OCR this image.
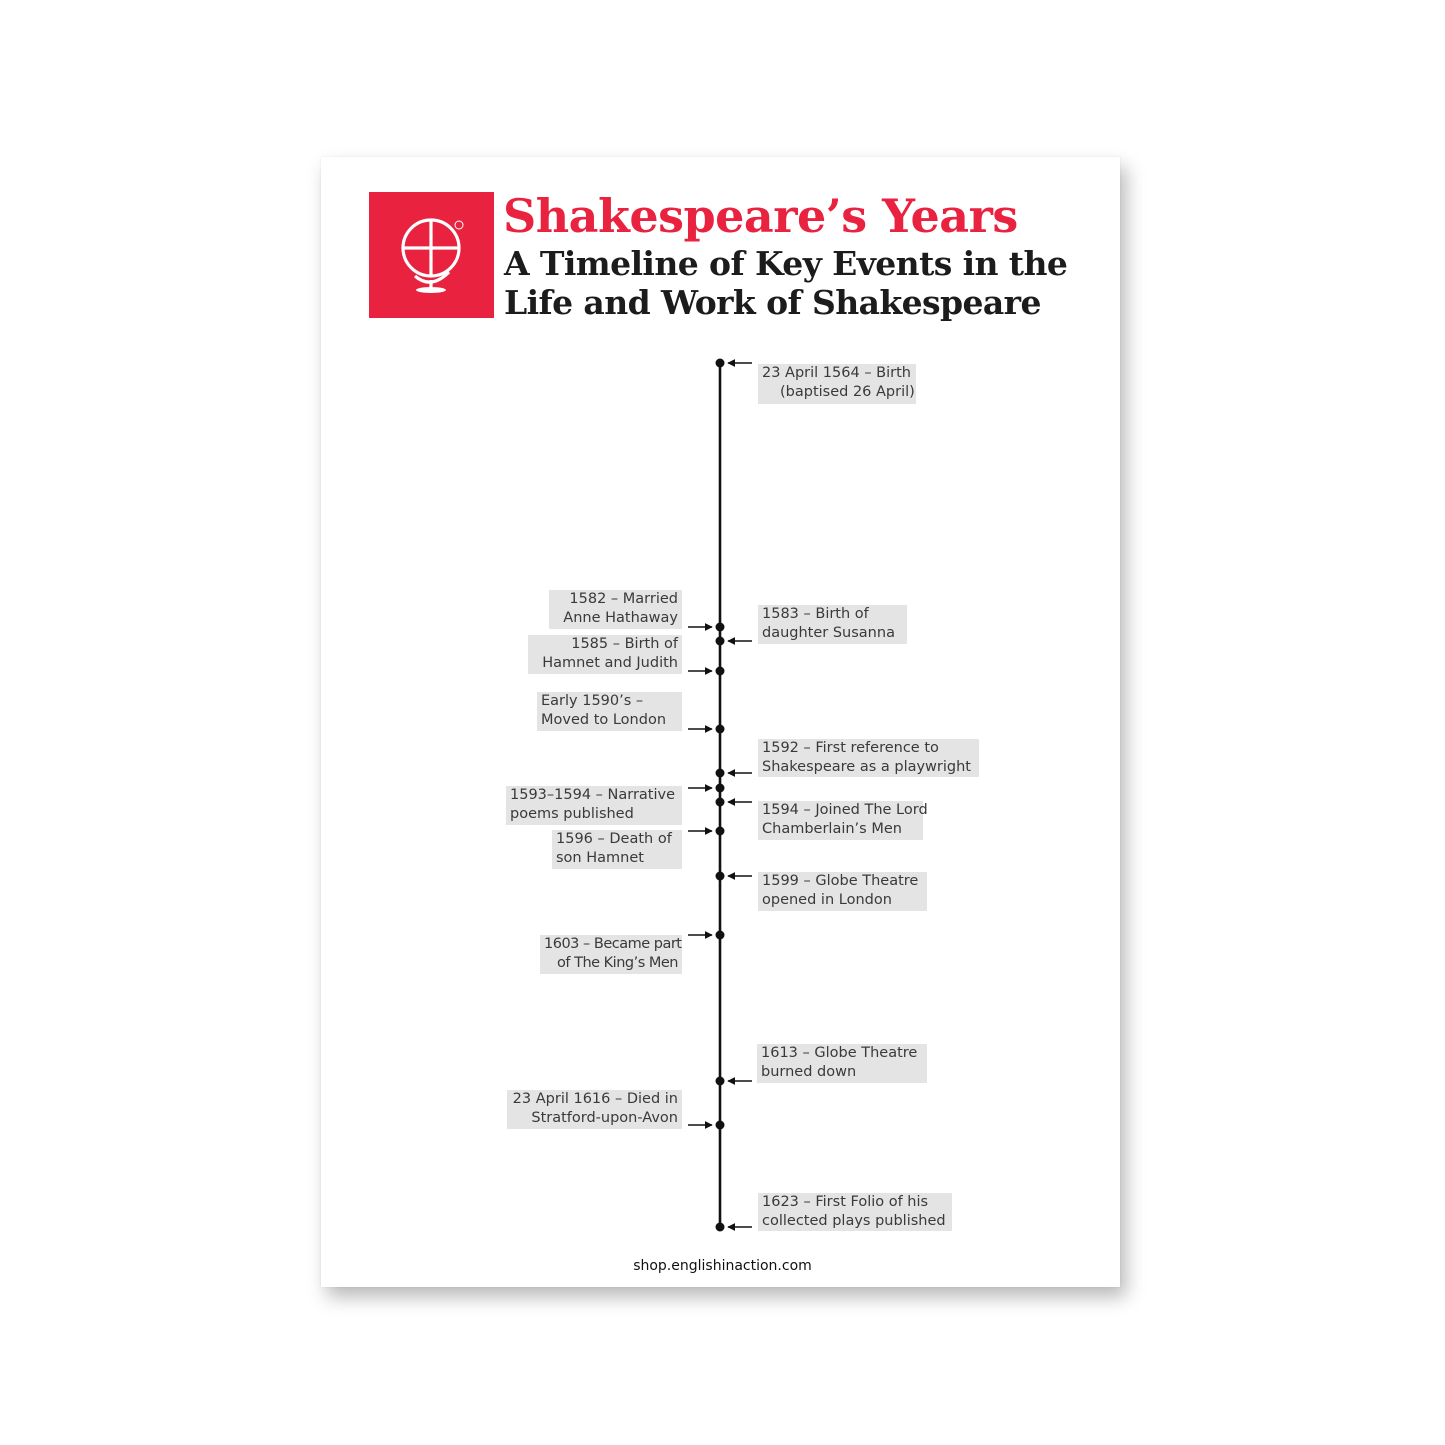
Shakespeare’s Years
A Timeline of Key Events in the
Life and Work of Shakespeare
23 April 1564 – Birth
(baptised 26 April)
1583 – Birth of
daughter Susanna
1592 – First reference to
Shakespeare as a playwright
1594 – Joined The Lord
Chamberlain’s Men
1599 – Globe Theatre
opened in London
1613 – Globe Theatre
burned down
1623 – First Folio of his
collected plays published
1582 – Married
Anne Hathaway
1585 – Birth of
Hamnet and Judith
Early 1590’s –
Moved to London
1593–1594 – Narrative
poems published
1596 – Death of
son Hamnet
1603 – Became part
of The King’s Men
23 April 1616 – Died in
Stratford-upon-Avon
shop.englishinaction.com
